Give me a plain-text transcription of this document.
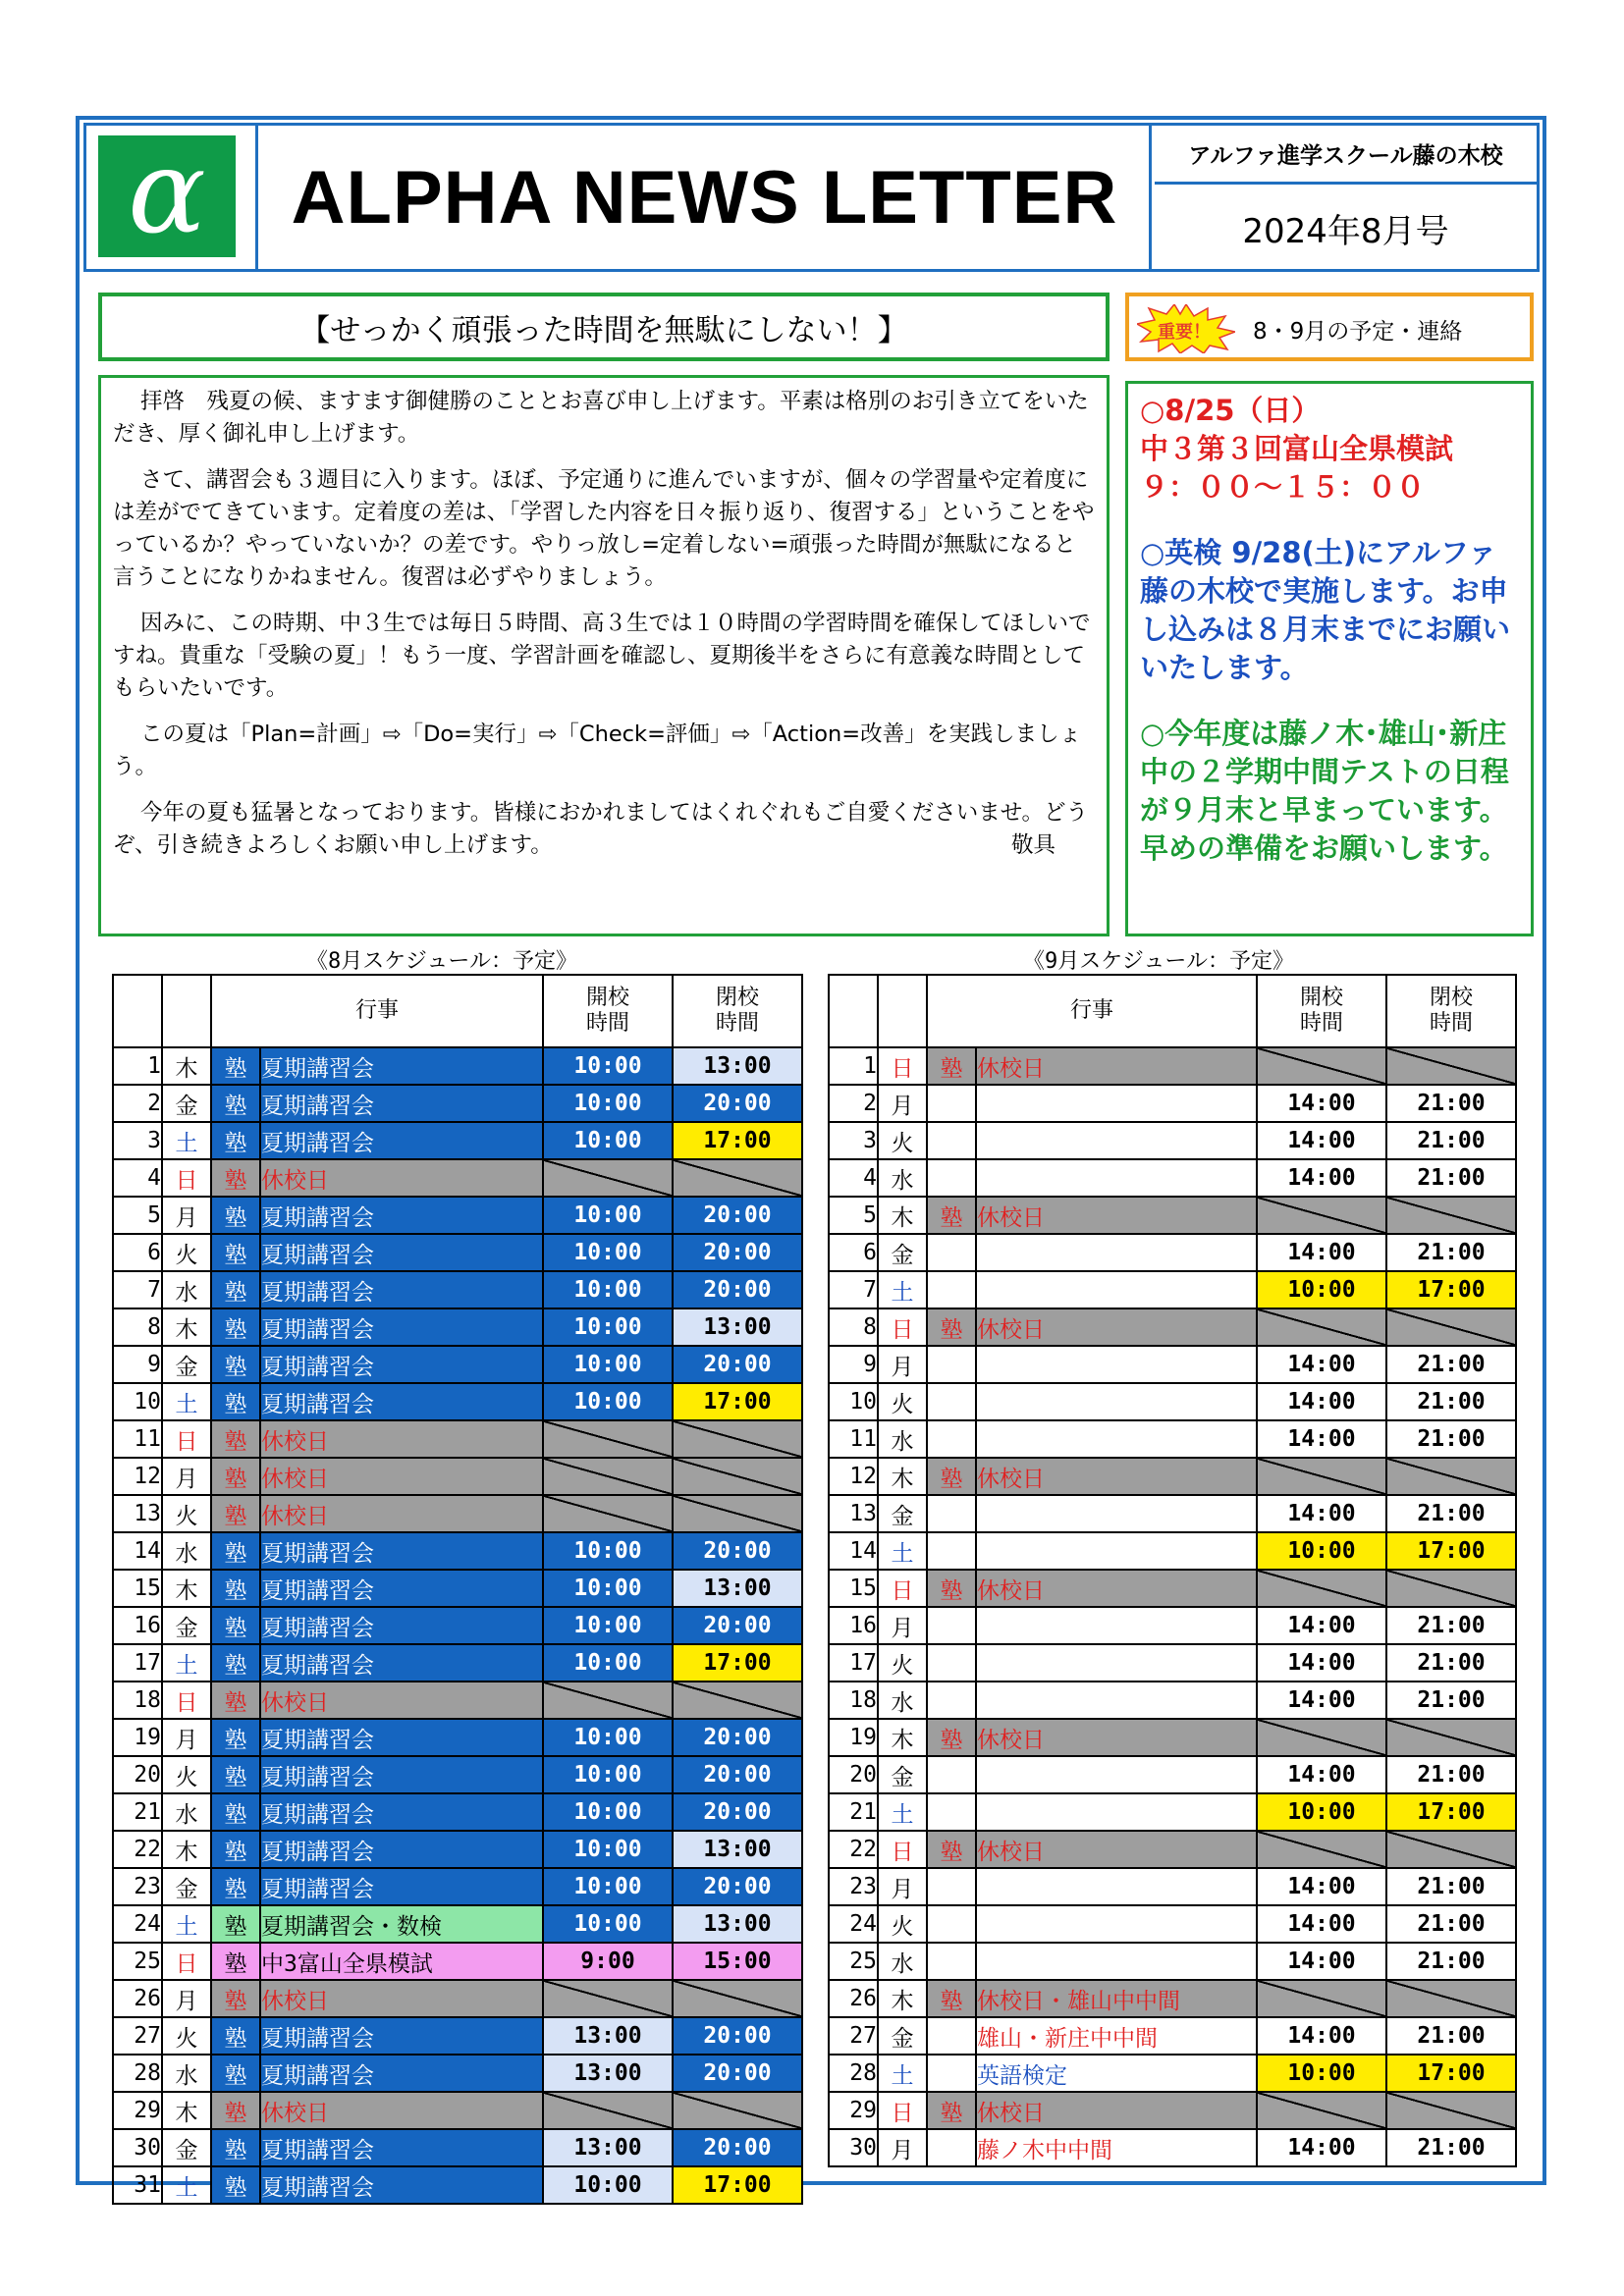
α ALPHA NEWS LETTER	アルファ進学スクール藤の木校
2024年8月号
【せっかく頑張った時間を無駄にしない！】	重要！	8・9月の予定・連絡

拝啓　残夏の候、ますます御健勝のこととお喜び申し上げます。平素は格別のお引き立てをいただき、厚く御礼申し上げます。

さて、講習会も３週目に入ります。ほぼ、予定通りに進んでいますが、個々の学習量や定着度には差がでてきています。定着度の差は、「学習した内容を日々振り返り、復習する」ということをやっているか？やっていないか？の差です。やりっ放し=定着しない=頑張った時間が無駄になると言うことになりかねません。復習は必ずやりましょう。

因みに、この時期、中３生では毎日５時間、高３生では１０時間の学習時間を確保してほしいですね。貴重な「受験の夏」！もう一度、学習計画を確認し、夏期後半をさらに有意義な時間としてもらいたいです。

この夏は「Plan=計画」⇨「Do=実行」⇨「Check=評価」⇨「Action=改善」を実践しましょう。

今年の夏も猛暑となっております。皆様におかれましてはくれぐれもご自愛くださいませ。どうぞ、引き続きよろしくお願い申し上げます。	敬具

○8/25（日）
中３第３回富山全県模試
９：００～１５：００
○英検 9/28(土)にアルファ藤の木校で実施します。お申し込みは８月末までにお願いいたします。
○今年度は藤ノ木･雄山･新庄中の２学期中間テストの日程が９月末と早まっています。早めの準備をお願いします。
《8月スケジュール：予定》
		行事		開校
時間	閉校
時間
1	木	塾	夏期講習会	10:00	13:00
2	金	塾	夏期講習会	10:00	20:00
3	土	塾	夏期講習会	10:00	17:00
4	日	塾	休校日		
5	月	塾	夏期講習会	10:00	20:00
6	火	塾	夏期講習会	10:00	20:00
7	水	塾	夏期講習会	10:00	20:00
8	木	塾	夏期講習会	10:00	13:00
9	金	塾	夏期講習会	10:00	20:00
10	土	塾	夏期講習会	10:00	17:00
11	日	塾	休校日		
12	月	塾	休校日		
13	火	塾	休校日		
14	水	塾	夏期講習会	10:00	20:00
15	木	塾	夏期講習会	10:00	13:00
16	金	塾	夏期講習会	10:00	20:00
17	土	塾	夏期講習会	10:00	17:00
18	日	塾	休校日		
19	月	塾	夏期講習会	10:00	20:00
20	火	塾	夏期講習会	10:00	20:00
21	水	塾	夏期講習会	10:00	20:00
22	木	塾	夏期講習会	10:00	13:00
23	金	塾	夏期講習会	10:00	20:00
24	土	塾	夏期講習会・数検	10:00	13:00
25	日	塾	中3富山全県模試	9:00	15:00
26	月	塾	休校日		
27	火	塾	夏期講習会	13:00	20:00
28	水	塾	夏期講習会	13:00	20:00
29	木	塾	休校日		
30	金	塾	夏期講習会	13:00	20:00
31	土	塾	夏期講習会	10:00	17:00
《9月スケジュール：予定》
		行事		開校
時間	閉校
時間
1	日	塾	休校日		
2	月			14:00	21:00
3	火			14:00	21:00
4	水			14:00	21:00
5	木	塾	休校日		
6	金			14:00	21:00
7	土			10:00	17:00
8	日	塾	休校日		
9	月			14:00	21:00
10	火			14:00	21:00
11	水			14:00	21:00
12	木	塾	休校日		
13	金			14:00	21:00
14	土			10:00	17:00
15	日	塾	休校日		
16	月			14:00	21:00
17	火			14:00	21:00
18	水			14:00	21:00
19	木	塾	休校日		
20	金			14:00	21:00
21	土			10:00	17:00
22	日	塾	休校日		
23	月			14:00	21:00
24	火			14:00	21:00
25	水			14:00	21:00
26	木	塾	休校日・雄山中中間		
27	金		雄山・新庄中中間	14:00	21:00
28	土		英語検定	10:00	17:00
29	日	塾	休校日		
30	月		藤ノ木中中間	14:00	21:00
